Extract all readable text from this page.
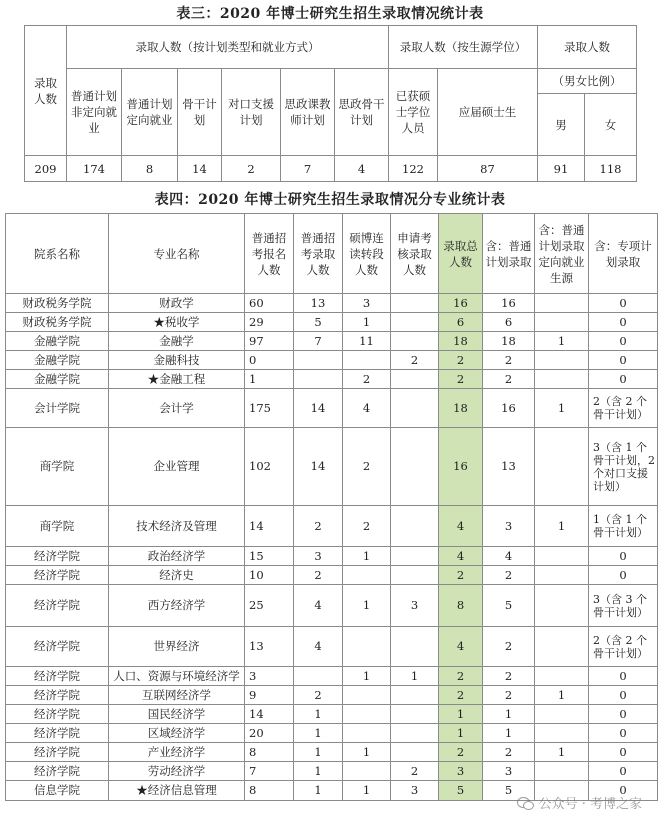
表三：2020 年博士研究生招生录取情况统计表
录取人数	录取人数（按计划类型和就业方式）						录取人数（按生源学位）		录取人数	
	普通计划非定向就业	普通计划定向就业	骨干计划	对口支援计划	思政课教师计划	思政骨干计划	已获硕士学位人员	应届硕士生	（男女比例）	
									男	女
209	174	8	14	2	7	4	122	87	91	118
表四：2020 年博士研究生招生录取情况分专业统计表
院系名称	专业名称	普通招考报名人数	普通招考录取人数	硕博连读转段人数	申请考核录取人数	录取总人数	含：普通计划录取	含：普通计划录取定向就业生源	含：专项计划录取
财政税务学院	财政学	60	13	3		16	16		0
财政税务学院	★税收学	29	5	1		6	6		0
金融学院	金融学	97	7	11		18	18	1	0
金融学院	金融科技	0			2	2	2		0
金融学院	★金融工程	1		2		2	2		0
会计学院	会计学	175	14	4		18	16	1	2（含 2 个骨干计划）
商学院	企业管理	102	14	2		16	13		3（含 1 个骨干计划，2 个对口支援计划）
商学院	技术经济及管理	14	2	2		4	3	1	1（含 1 个骨干计划）
经济学院	政治经济学	15	3	1		4	4		0
经济学院	经济史	10	2			2	2		0
经济学院	西方经济学	25	4	1	3	8	5		3（含 3 个骨干计划）
经济学院	世界经济	13	4			4	2		2（含 2 个骨干计划）
经济学院	人口、资源与环境经济学	3		1	1	2	2		0
经济学院	互联网经济学	9	2			2	2	1	0
经济学院	国民经济学	14	1			1	1		0
经济学院	区域经济学	20	1			1	1		0
经济学院	产业经济学	8	1	1		2	2	1	0
经济学院	劳动经济学	7	1		2	3	3		0
信息学院	★经济信息管理	8	1	1	3	5	5		0
公众号 · 考博之家
